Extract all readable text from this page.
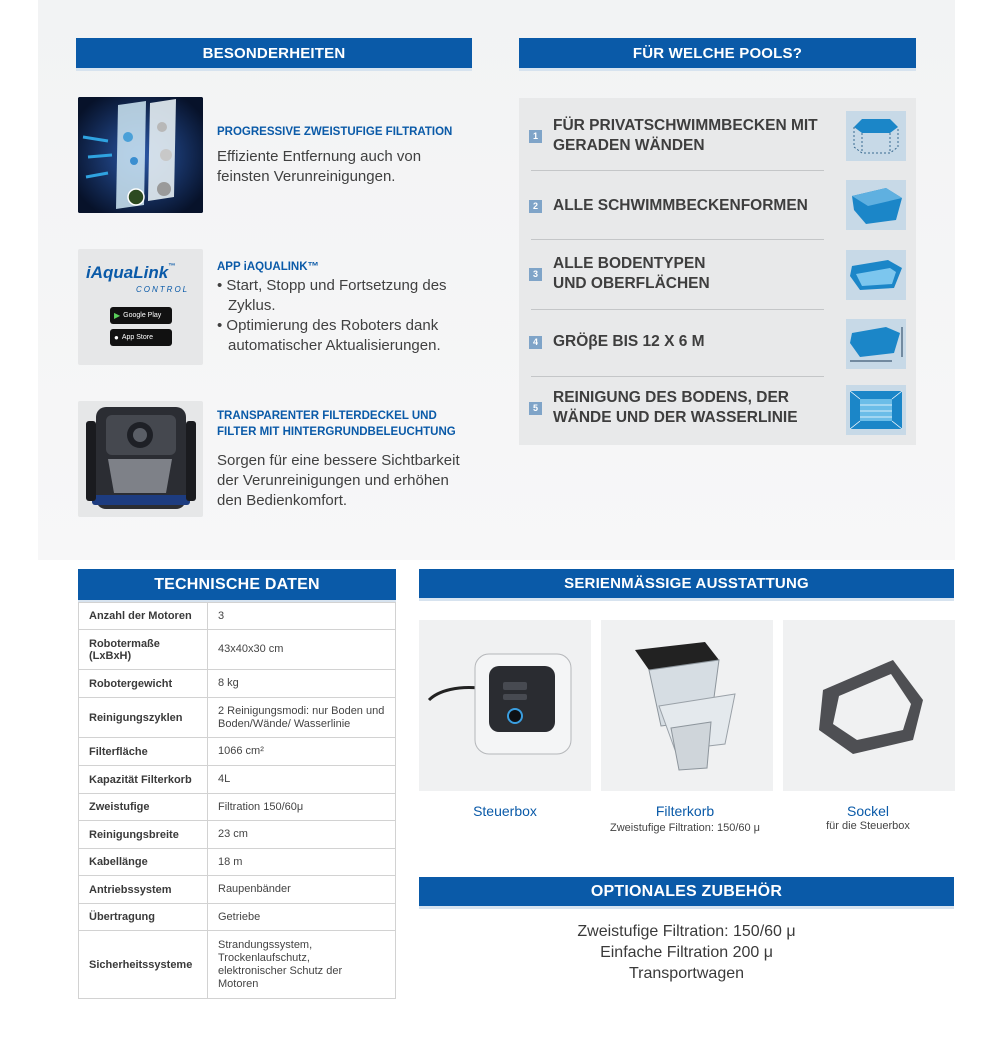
BESONDERHEITEN
PROGRESSIVE ZWEISTUFIGE FILTRATION
Effiziente Entfernung auch von feinsten Verunreinigungen.
iAquaLink™
CONTROL
▶ Google Play
● App Store
APP iAQUALINK™
• Start, Stopp und Fortsetzung des Zyklus.
• Optimierung des Roboters dank automatischer Aktualisierungen.
TRANSPARENTER FILTERDECKEL UND FILTER MIT HINTERGRUNDBELEUCHTUNG
Sorgen für eine bessere Sichtbarkeit der Verunreinigungen und erhöhen den Bedienkomfort.
FÜR WELCHE POOLS?
1
FÜR PRIVATSCHWIMMBECKEN MIT GERADEN WÄNDEN
2 ALLE SCHWIMMBECKENFORMEN
3
ALLE BODENTYPEN UND OBERFLÄCHEN
4 GRÖβE BIS 12 X 6 M
5
REINIGUNG DES BODENS, DER WÄNDE UND DER WASSERLINIE
TECHNISCHE DATEN
Anzahl der Motoren	3
Robotermaße (LxBxH)	43x40x30 cm
Robotergewicht	8 kg
Reinigungszyklen	2 Reinigungsmodi: nur Boden und Boden/Wände/ Wasserlinie
Filterfläche	1066 cm²
Kapazität Filterkorb	4L
Zweistufige	Filtration 150/60μ
Reinigungsbreite	23 cm
Kabellänge	18 m
Antriebssystem	Raupenbänder
Übertragung	Getriebe
Sicherheitssysteme	Strandungssystem, Trockenlaufschutz, elektronischer Schutz der Motoren
SERIENMÄSSIGE AUSSTATTUNG
Steuerbox	Filterkorb
Zweistufige Filtration: 150/60 μ
Sockel
für die Steuerbox
OPTIONALES ZUBEHÖR
Zweistufige Filtration: 150/60 μ
Einfache Filtration 200 μ
Transportwagen
